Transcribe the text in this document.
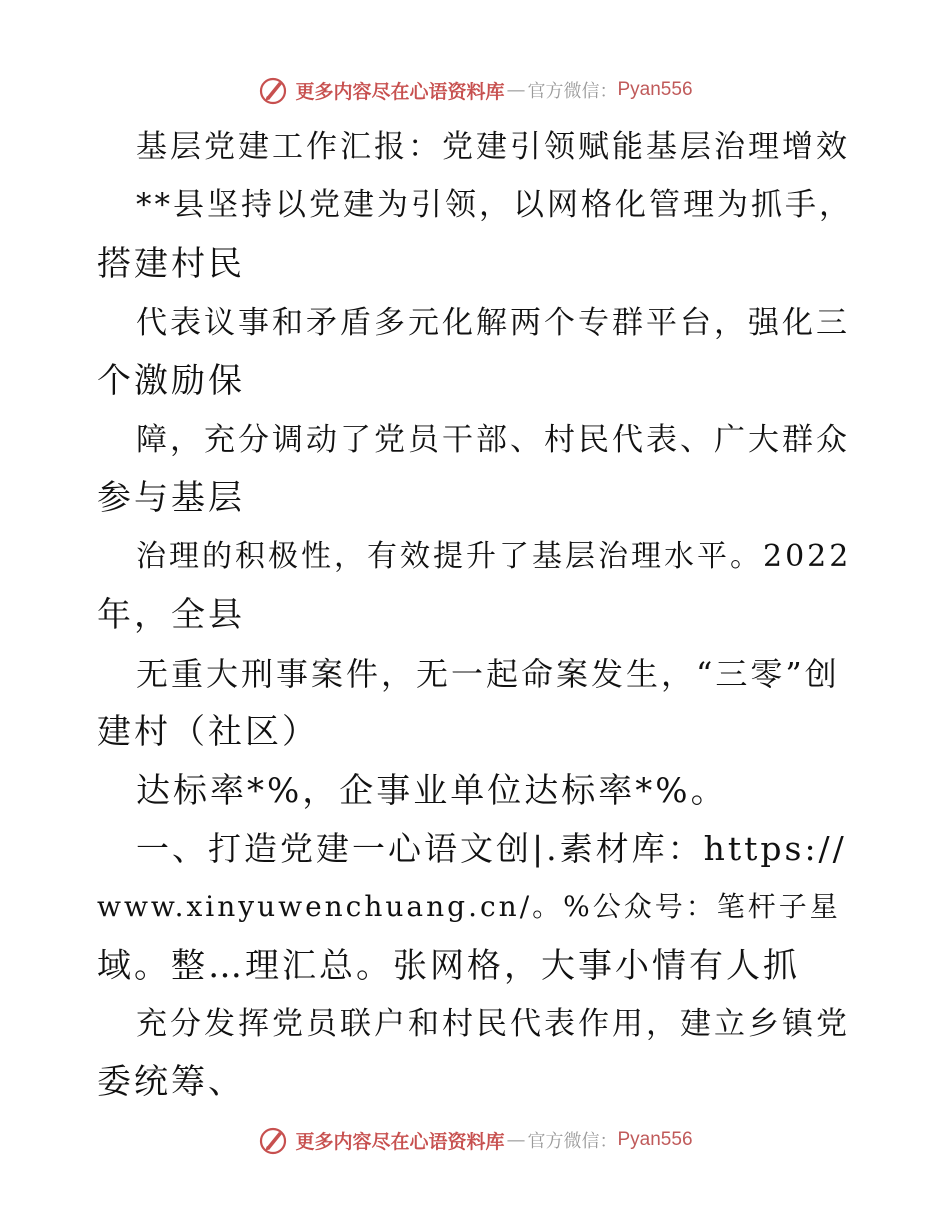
更多内容尽在心语资料库 — 官方微信： Pyan556
基层党建工作汇报：党建引领赋能基层治理增效
**县坚持以党建为引领，以网格化管理为抓手，
搭建村民
代表议事和矛盾多元化解两个专群平台，强化三
个激励保
障，充分调动了党员干部、村民代表、广大群众
参与基层
治理的积极性，有效提升了基层治理水平。2022
年，全县
无重大刑事案件，无一起命案发生，“三零”创
建村（社区）
达标率*%，企事业单位达标率*%。
一、打造党建一心语文创|.素材库：https://
www.xinyuwenchuang.cn/。%公众号：笔杆子星
域。整…理汇总。张网格，大事小情有人抓
充分发挥党员联户和村民代表作用，建立乡镇党
委统筹、
更多内容尽在心语资料库 — 官方微信： Pyan556
